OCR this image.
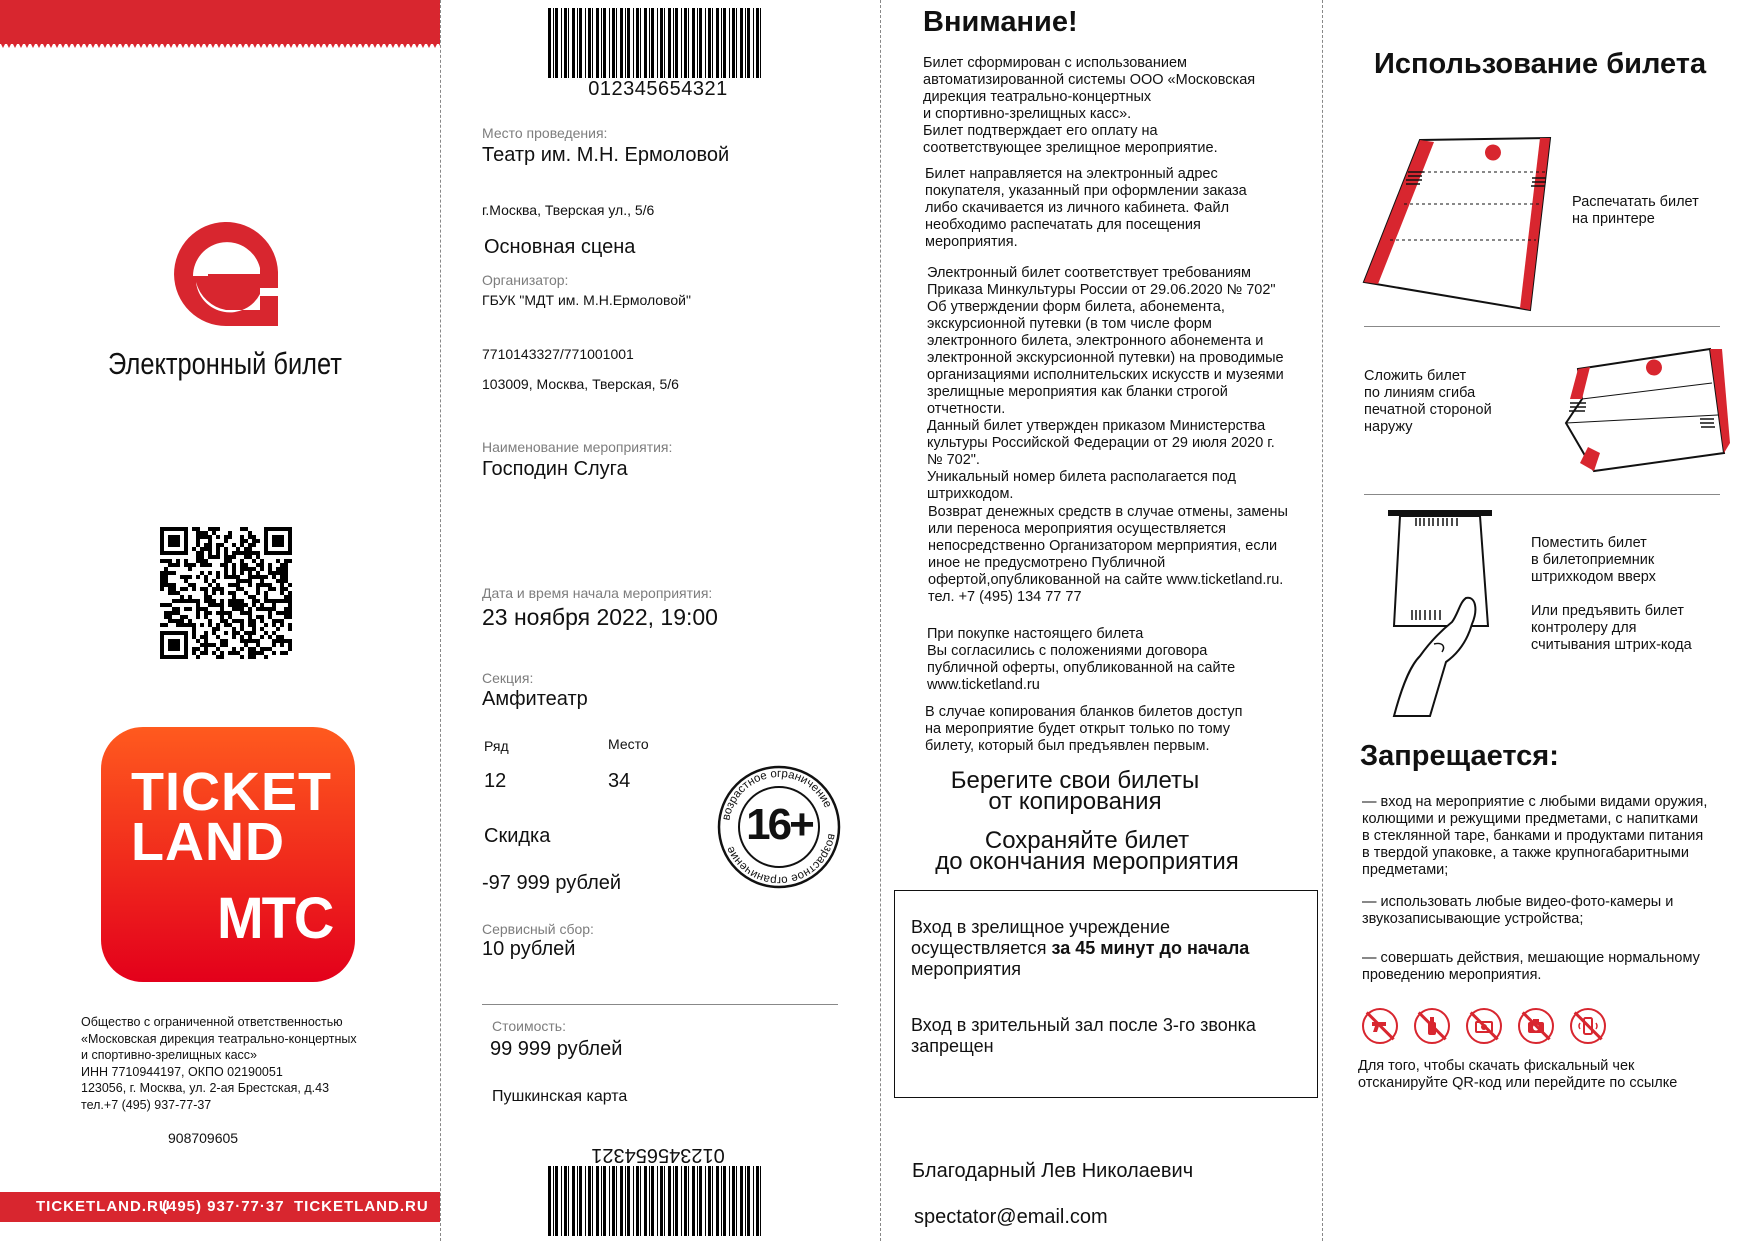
Электронный билет
TICKET
LAND
МТС
Общество с ограниченной ответственностью
«Московская дирекция театрально-концертных
и спортивно-зрелищных касс»
ИНН 7710944197, ОКПО 02190051
123056, г. Москва, ул. 2-ая Брестская, д.43
тел.+7 (495) 937-77-37
908709605
TICKETLAND.RU
(495) 937·77·37 TICKETLAND.RU
012345654321
Место проведения:
Театр им. М.Н. Ермоловой
г.Москва, Тверская ул., 5/6
Основная сцена
Организатор:
ГБУК "МДТ им. М.Н.Ермоловой"
7710143327/771001001
103009, Москва, Тверская, 5/6
Наименование мероприятия:
Господин Слуга
Дата и время начала мероприятия:
23 ноября 2022, 19:00
Секция:
Амфитеатр
Ряд	Место
12	34
Скидка
-97 999 рублей
Сервисный сбор:
10 рублей
возрастное ограничение
возрастное ограничение
16+
Стоимость:
99 999 рублей
Пушкинская карта
012345654321
Внимание!
Билет сформирован с использованием
автоматизированной системы ООО «Московская
дирекция театрально-концертных
и спортивно-зрелищных касс».
Билет подтверждает его оплату на
соответствующее зрелищное мероприятие.
Билет направляется на электронный адрес
покупателя, указанный при оформлении заказа
либо скачивается из личного кабинета. Файл
необходимо распечатать для посещения
мероприятия.
Электронный билет соответствует требованиям
Приказа Минкультуры России от 29.06.2020 № 702"
Об утверждении форм билета, абонемента,
экскурсионной путевки (в том числе форм
электронного билета, электронного абонемента и
электронной экскурсионной путевки) на проводимые
организациями исполнительских искусств и музеями
зрелищные мероприятия как бланки строгой
отчетности.
Данный билет утвержден приказом Министерства
культуры Российской Федерации от 29 июля 2020 г.
№ 702".
Уникальный номер билета располагается под
штрихкодом.
Возврат денежных средств в случае отмены, замены
или переноса мероприятия осуществляется
непосредственно Организатором мерприятия, если
иное не предусмотрено Публичной
офертой,опубликованной на сайте www.ticketland.ru.
тел. +7 (495) 134 77 77
При покупке настоящего билета
Вы согласились с положениями договора
публичной оферты, опубликованной на сайте
www.ticketland.ru
В случае копирования бланков билетов доступ
на мероприятие будет открыт только по тому
билету, который был предъявлен первым.
Берегите свои билеты
от копирования
Сохраняйте билет
до окончания мероприятия
Вход в зрелищное учреждение
осуществляется за 45 минут до начала
мероприятия
Вход в зрительный зал после 3-го звонка
запрещен
Благодарный Лев Николаевич
spectator@email.com
Использование билета
Распечатать билет
на принтере
Сложить билет
по линиям сгиба
печатной стороной
наружу
Поместить билет
в билетоприемник
штрихкодом вверх
Или предъявить билет
контролеру для
считывания штрих-кода
Запрещается:
— вход на мероприятие с любыми видами оружия,
колющими и режущими предметами, с напитками
в стеклянной таре, банками и продуктами питания
в твердой упаковке, а также крупногабаритными
предметами;
— использовать любые видео-фото-камеры и
звукозаписывающие устройства;
— совершать действия, мешающие нормальному
проведению мероприятия.
Для того, чтобы скачать фискальный чек
отсканируйте QR-код или перейдите по ссылке
